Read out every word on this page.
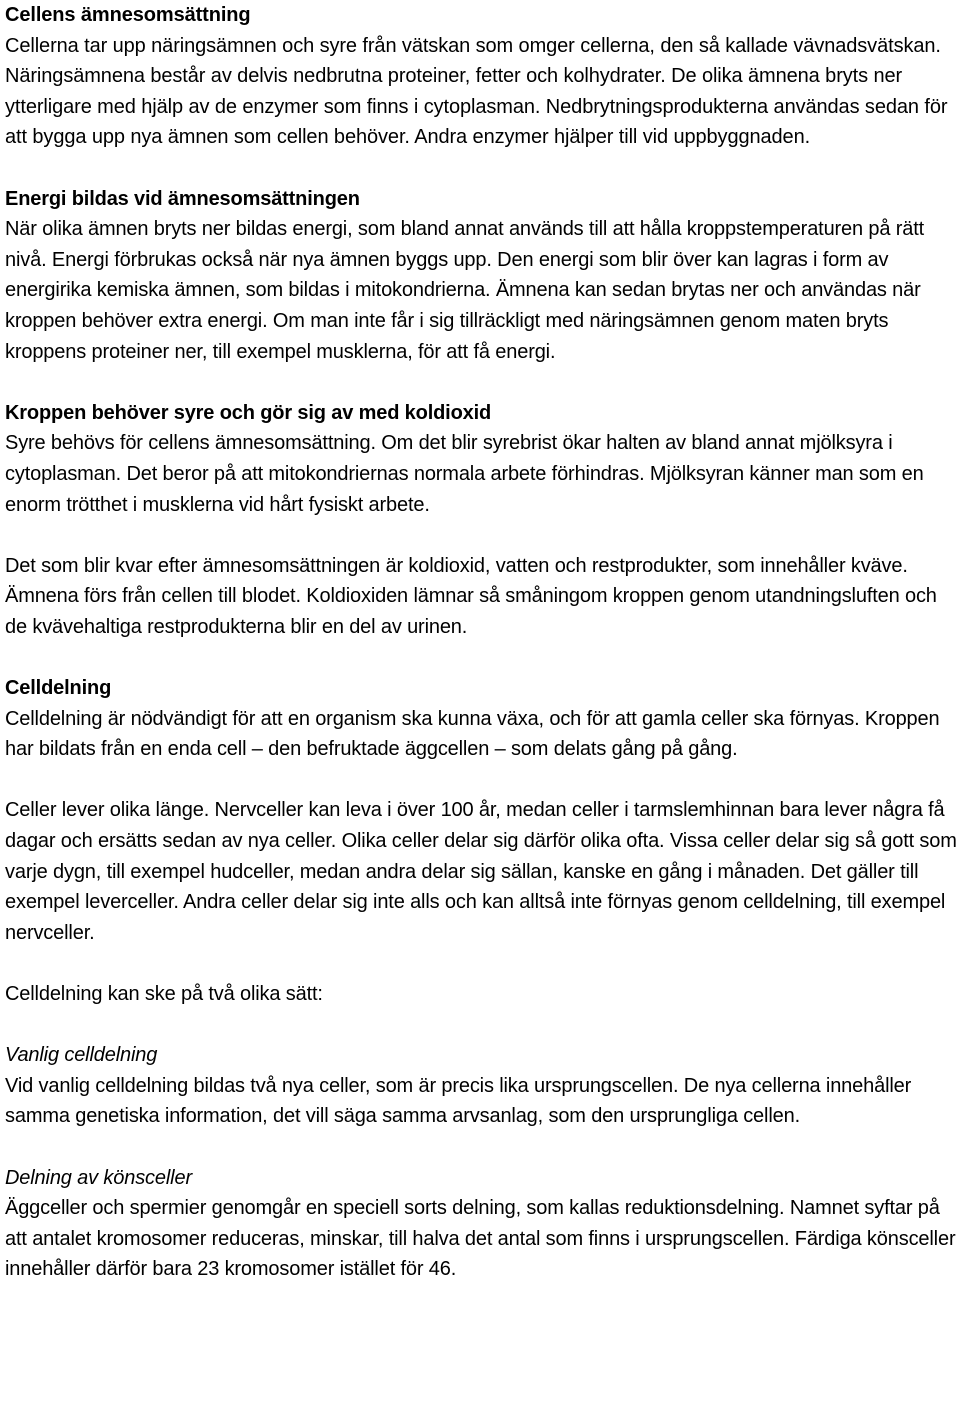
Cellens ämnesomsättning

Cellerna tar upp näringsämnen och syre från vätskan som omger cellerna, den så kallade vävnadsvätskan. Näringsämnena består av delvis nedbrutna proteiner, fetter och kolhydrater. De olika ämnena bryts ner ytterligare med hjälp av de enzymer som finns i cytoplasman. Nedbrytningsprodukterna användas sedan för att bygga upp nya ämnen som cellen behöver. Andra enzymer hjälper till vid uppbyggnaden.

Energi bildas vid ämnesomsättningen

När olika ämnen bryts ner bildas energi, som bland annat används till att hålla kroppstemperaturen på rätt nivå. Energi förbrukas också när nya ämnen byggs upp. Den energi som blir över kan lagras i form av energirika kemiska ämnen, som bildas i mitokondrierna. Ämnena kan sedan brytas ner och användas när kroppen behöver extra energi. Om man inte får i sig tillräckligt med näringsämnen genom maten bryts kroppens proteiner ner, till exempel musklerna, för att få energi.

Kroppen behöver syre och gör sig av med koldioxid

Syre behövs för cellens ämnesomsättning. Om det blir syrebrist ökar halten av bland annat mjölksyra i cytoplasman. Det beror på att mitokondriernas normala arbete förhindras. Mjölksyran känner man som en enorm trötthet i musklerna vid hårt fysiskt arbete.

Det som blir kvar efter ämnesomsättningen är koldioxid, vatten och restprodukter, som innehåller kväve. Ämnena förs från cellen till blodet. Koldioxiden lämnar så småningom kroppen genom utandningsluften och de kvävehaltiga restprodukterna blir en del av urinen.

Celldelning

Celldelning är nödvändigt för att en organism ska kunna växa, och för att gamla celler ska förnyas. Kroppen har bildats från en enda cell – den befruktade äggcellen – som delats gång på gång.

Celler lever olika länge. Nervceller kan leva i över 100 år, medan celler i tarmslemhinnan bara lever några få dagar och ersätts sedan av nya celler. Olika celler delar sig därför olika ofta. Vissa celler delar sig så gott som varje dygn, till exempel hudceller, medan andra delar sig sällan, kanske en gång i månaden. Det gäller till exempel leverceller. Andra celler delar sig inte alls och kan alltså inte förnyas genom celldelning, till exempel nervceller.

Celldelning kan ske på två olika sätt:

Vanlig celldelning

Vid vanlig celldelning bildas två nya celler, som är precis lika ursprungscellen. De nya cellerna innehåller samma genetiska information, det vill säga samma arvsanlag, som den ursprungliga cellen.

Delning av könsceller

Äggceller och spermier genomgår en speciell sorts delning, som kallas reduktionsdelning. Namnet syftar på att antalet kromosomer reduceras, minskar, till halva det antal som finns i ursprungscellen. Färdiga könsceller innehåller därför bara 23 kromosomer istället för 46.
